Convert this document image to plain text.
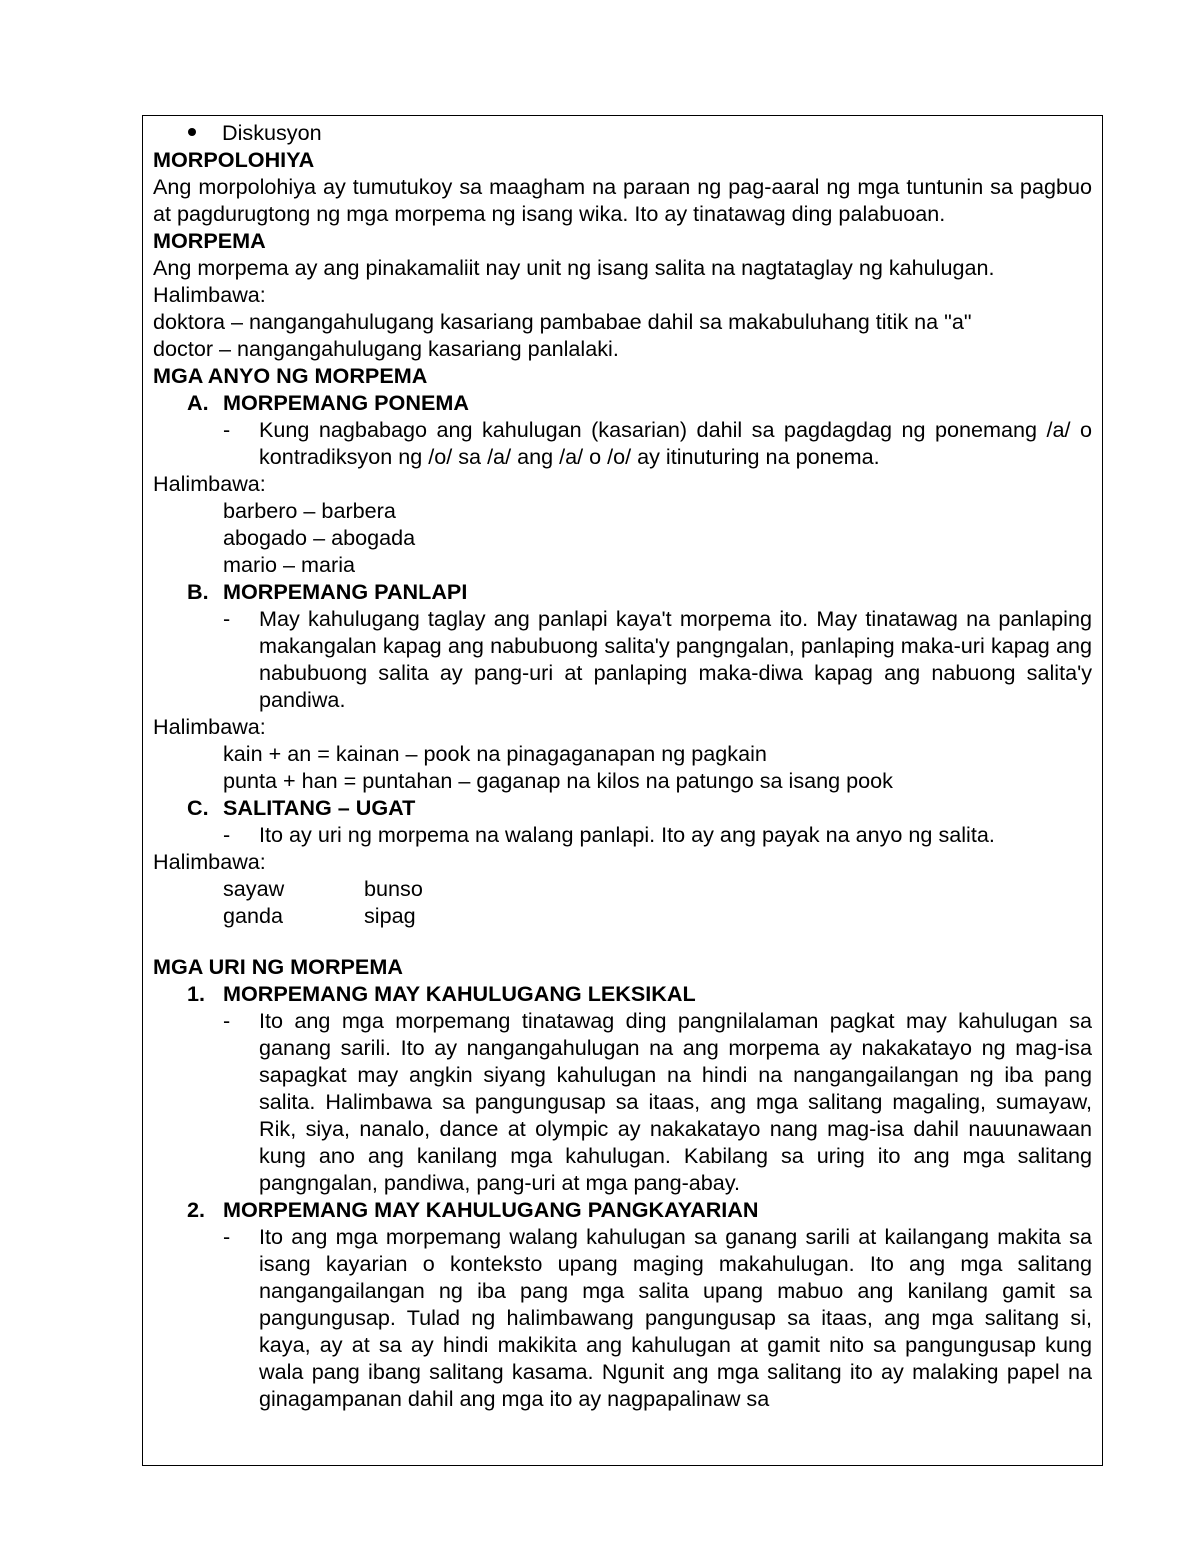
Diskusyon
MORPOLOHIYA
Ang morpolohiya ay tumutukoy sa maagham na paraan ng pag-aaral ng mga tuntunin sa pagbuo at pagdurugtong ng mga morpema ng isang wika. Ito ay tinatawag ding palabuoan.
MORPEMA
Ang morpema ay ang pinakamaliit nay unit ng isang salita na nagtataglay ng kahulugan.
Halimbawa:
doktora – nangangahulugang kasariang pambabae dahil sa makabuluhang titik na "a"
doctor – nangangahulugang kasariang panlalaki.
MGA ANYO NG MORPEMA
A. MORPEMANG PONEMA
- Kung nagbabago ang kahulugan (kasarian) dahil sa pagdagdag ng ponemang /a/ o kontradiksyon ng /o/ sa /a/ ang /a/ o /o/ ay itinuturing na ponema.
Halimbawa:
barbero – barbera
abogado – abogada
mario – maria
B. MORPEMANG PANLAPI
- May kahulugang taglay ang panlapi kaya't morpema ito. May tinatawag na panlaping makangalan kapag ang nabubuong salita'y pangngalan, panlaping maka-uri kapag ang nabubuong salita ay pang-uri at panlaping maka-diwa kapag ang nabuong salita'y pandiwa.
Halimbawa:
kain + an = kainan – pook na pinagaganapan ng pagkain
punta + han = puntahan – gaganap na kilos na patungo sa isang pook
C. SALITANG – UGAT
- Ito ay uri ng morpema na walang panlapi. Ito ay ang payak na anyo ng salita.
Halimbawa:
sayaw	bunso
ganda	sipag
MGA URI NG MORPEMA
1. MORPEMANG MAY KAHULUGANG LEKSIKAL
- Ito ang mga morpemang tinatawag ding pangnilalaman pagkat may kahulugan sa ganang sarili. Ito ay nangangahulugan na ang morpema ay nakakatayo ng mag-isa sapagkat may angkin siyang kahulugan na hindi na nangangailangan ng iba pang salita. Halimbawa sa pangungusap sa itaas, ang mga salitang magaling, sumayaw, Rik, siya, nanalo, dance at olympic ay nakakatayo nang mag-isa dahil nauunawaan kung ano ang kanilang mga kahulugan. Kabilang sa uring ito ang mga salitang pangngalan, pandiwa, pang-uri at mga pang-abay.
2. MORPEMANG MAY KAHULUGANG PANGKAYARIAN
- Ito ang mga morpemang walang kahulugan sa ganang sarili at kailangang makita sa isang kayarian o konteksto upang maging makahulugan. Ito ang mga salitang nangangailangan ng iba pang mga salita upang mabuo ang kanilang gamit sa pangungusap. Tulad ng halimbawang pangungusap sa itaas, ang mga salitang si, kaya, ay at sa ay hindi makikita ang kahulugan at gamit nito sa pangungusap kung wala pang ibang salitang kasama. Ngunit ang mga salitang ito ay malaking papel na ginagampanan dahil ang mga ito ay nagpapalinaw sa
